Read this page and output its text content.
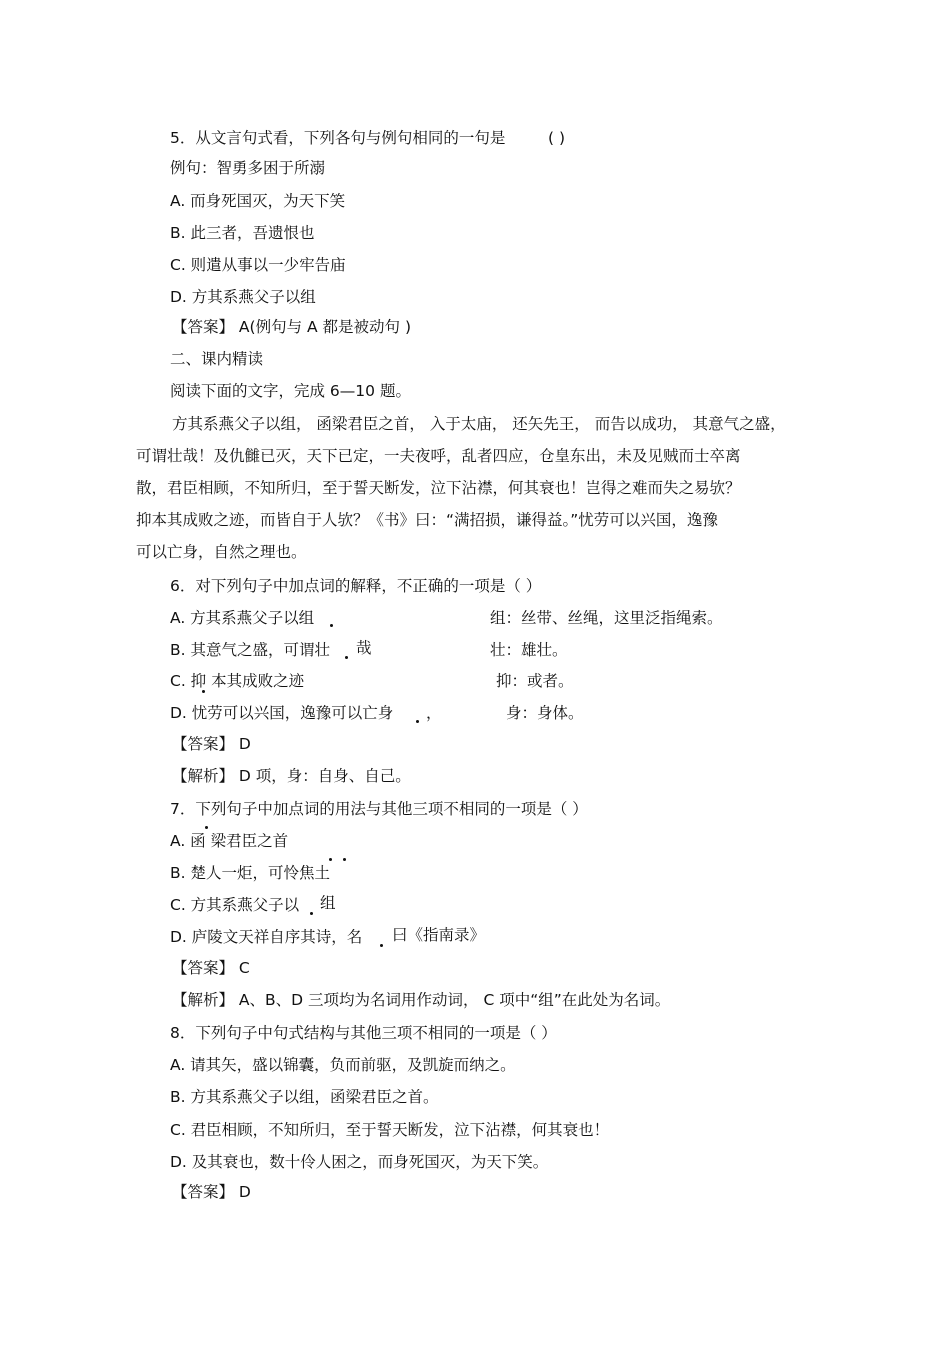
5．从文言句式看，下列各句与例句相同的一句是	( )
例句：智勇多困于所溺
A. 而身死国灭，为天下笑
B. 此三者，吾遗恨也
C. 则遣从事以一少牢告庙
D. 方其系燕父子以组
【答案】 A(例句与 A 都是被动句 )
二、课内精读
阅读下面的文字，完成 6—10 题。
方其系燕父子以组， 函梁君臣之首， 入于太庙， 还矢先王， 而告以成功， 其意气之盛，
可谓壮哉！及仇雠已灭，天下已定，一夫夜呼，乱者四应，仓皇东出，未及见贼而士卒离
散，君臣相顾，不知所归，至于誓天断发，泣下沾襟，何其衰也！岂得之难而失之易欤？
抑本其成败之迹，而皆自于人欤？《书》曰：“满招损，谦得益。”忧劳可以兴国，逸豫
可以亡身，自然之理也。
6．对下列句子中加点词的解释，不正确的一项是（ ）
A. 方其系燕父子以组	组：丝带、丝绳，这里泛指绳索。
B. 其意气之盛，可谓壮 哉	壮：雄壮。
C. 抑 本其成败之迹	抑：或者。
D. 忧劳可以兴国，逸豫可以亡身 ，	身：身体。
【答案】 D
【解析】 D 项，身：自身、自己。
7．下列句子中加点词的用法与其他三项不相同的一项是（ ）
A. 函 梁君臣之首
B. 楚人一炬，可怜焦土
C. 方其系燕父子以 组
D. 庐陵文天祥自序其诗，名 曰《指南录》
【答案】 C
【解析】 A、B、D 三项均为名词用作动词， C 项中“组”在此处为名词。
8．下列句子中句式结构与其他三项不相同的一项是（ ）
A. 请其矢，盛以锦囊，负而前驱，及凯旋而纳之。
B. 方其系燕父子以组，函梁君臣之首。
C. 君臣相顾，不知所归，至于誓天断发，泣下沾襟，何其衰也！
D. 及其衰也，数十伶人困之，而身死国灭，为天下笑。
【答案】 D
